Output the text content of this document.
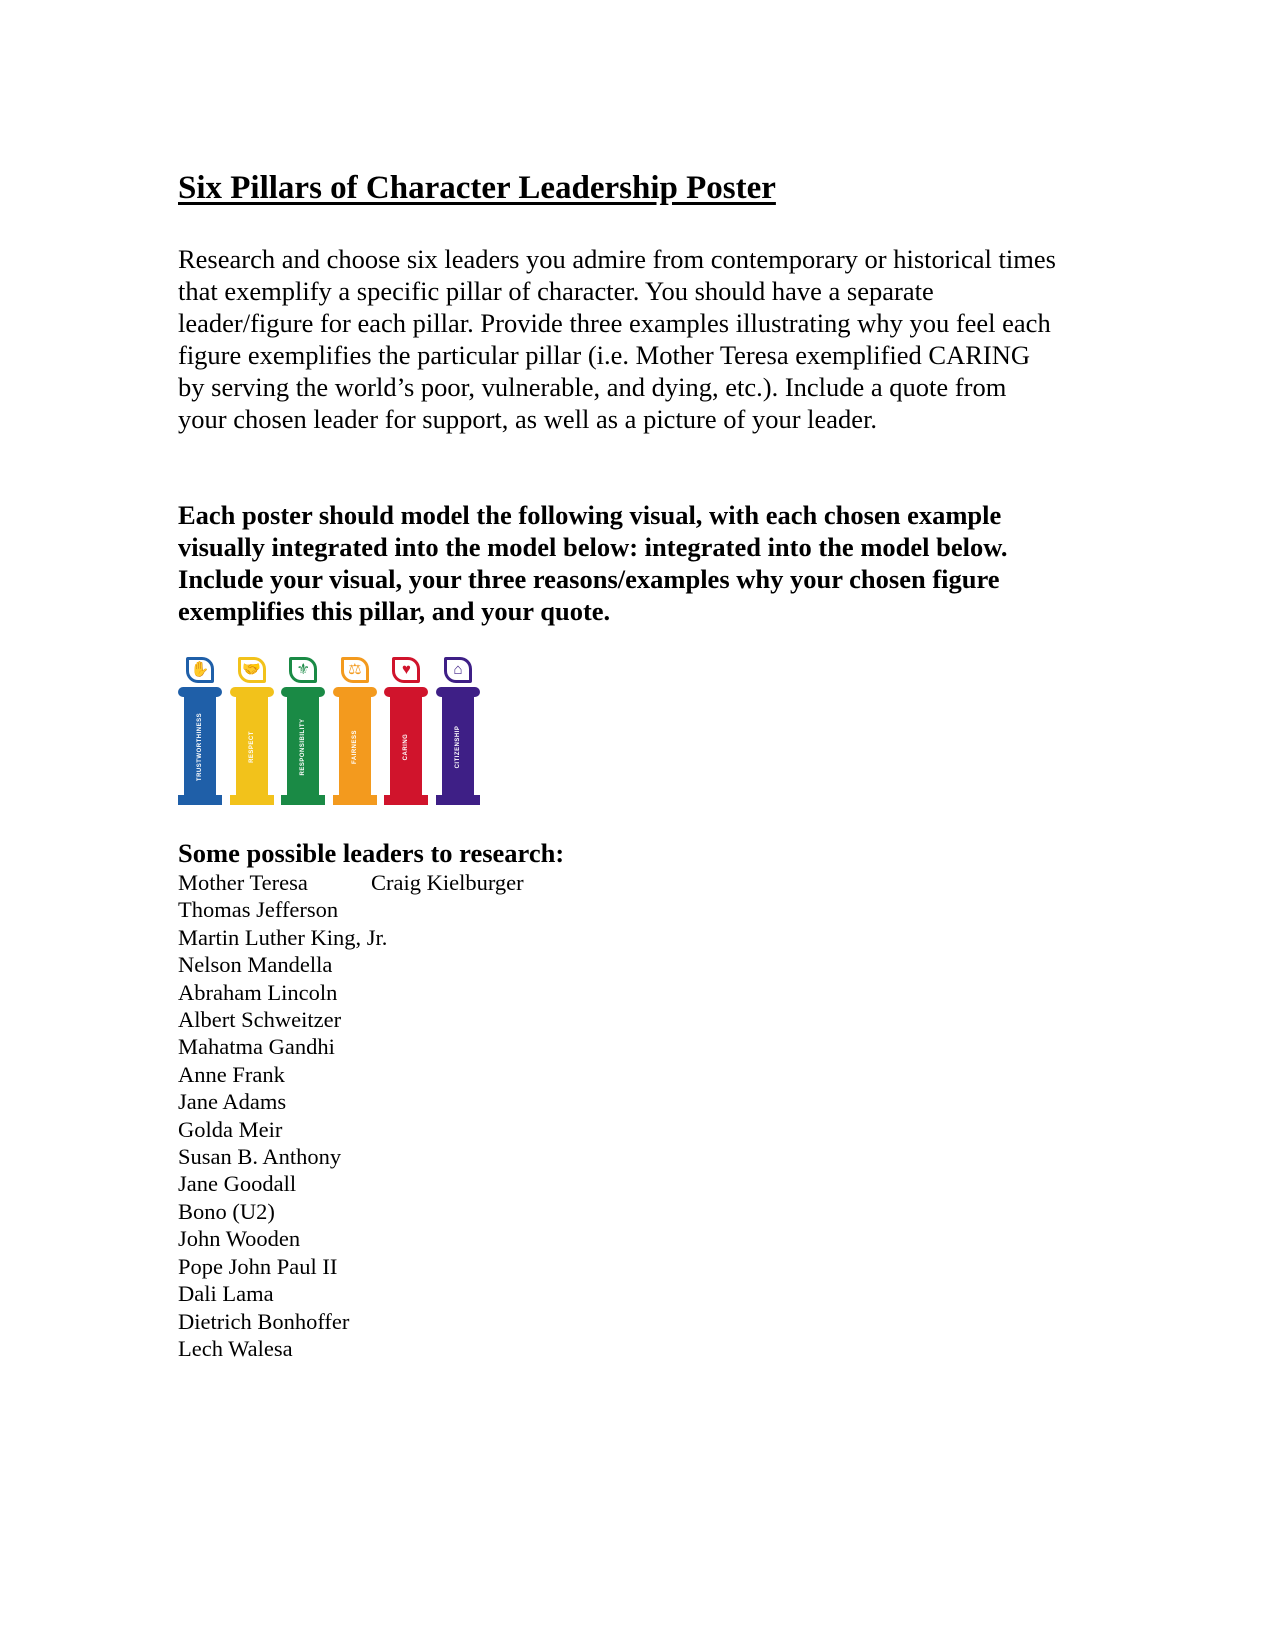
Six Pillars of Character Leadership Poster
Research and choose six leaders you admire from contemporary or historical times that exemplify a specific pillar of character. You should have a separate leader/figure for each pillar. Provide three examples illustrating why you feel each figure exemplifies the particular pillar (i.e. Mother Teresa exemplified CARING by serving the world’s poor, vulnerable, and dying, etc.). Include a quote from your chosen leader for support, as well as a picture of your leader.
Each poster should model the following visual, with each chosen example visually integrated into the model below: integrated into the model below. Include your visual, your three reasons/examples why your chosen figure exemplifies this pillar, and your quote.
✋
TRUSTWORTHINESS
🤝
RESPECT
⚜
RESPONSIBILITY
⚖
FAIRNESS
♥
CARING
⌂
CITIZENSHIP
Some possible leaders to research:
Mother Teresa
Thomas Jefferson
Martin Luther King, Jr.
Nelson Mandella
Abraham Lincoln
Albert Schweitzer
Mahatma Gandhi
Anne Frank
Jane Adams
Golda Meir
Susan B. Anthony
Jane Goodall
Bono (U2)
John Wooden
Pope John Paul II
Dali Lama
Dietrich Bonhoffer
Lech Walesa
Craig Kielburger
